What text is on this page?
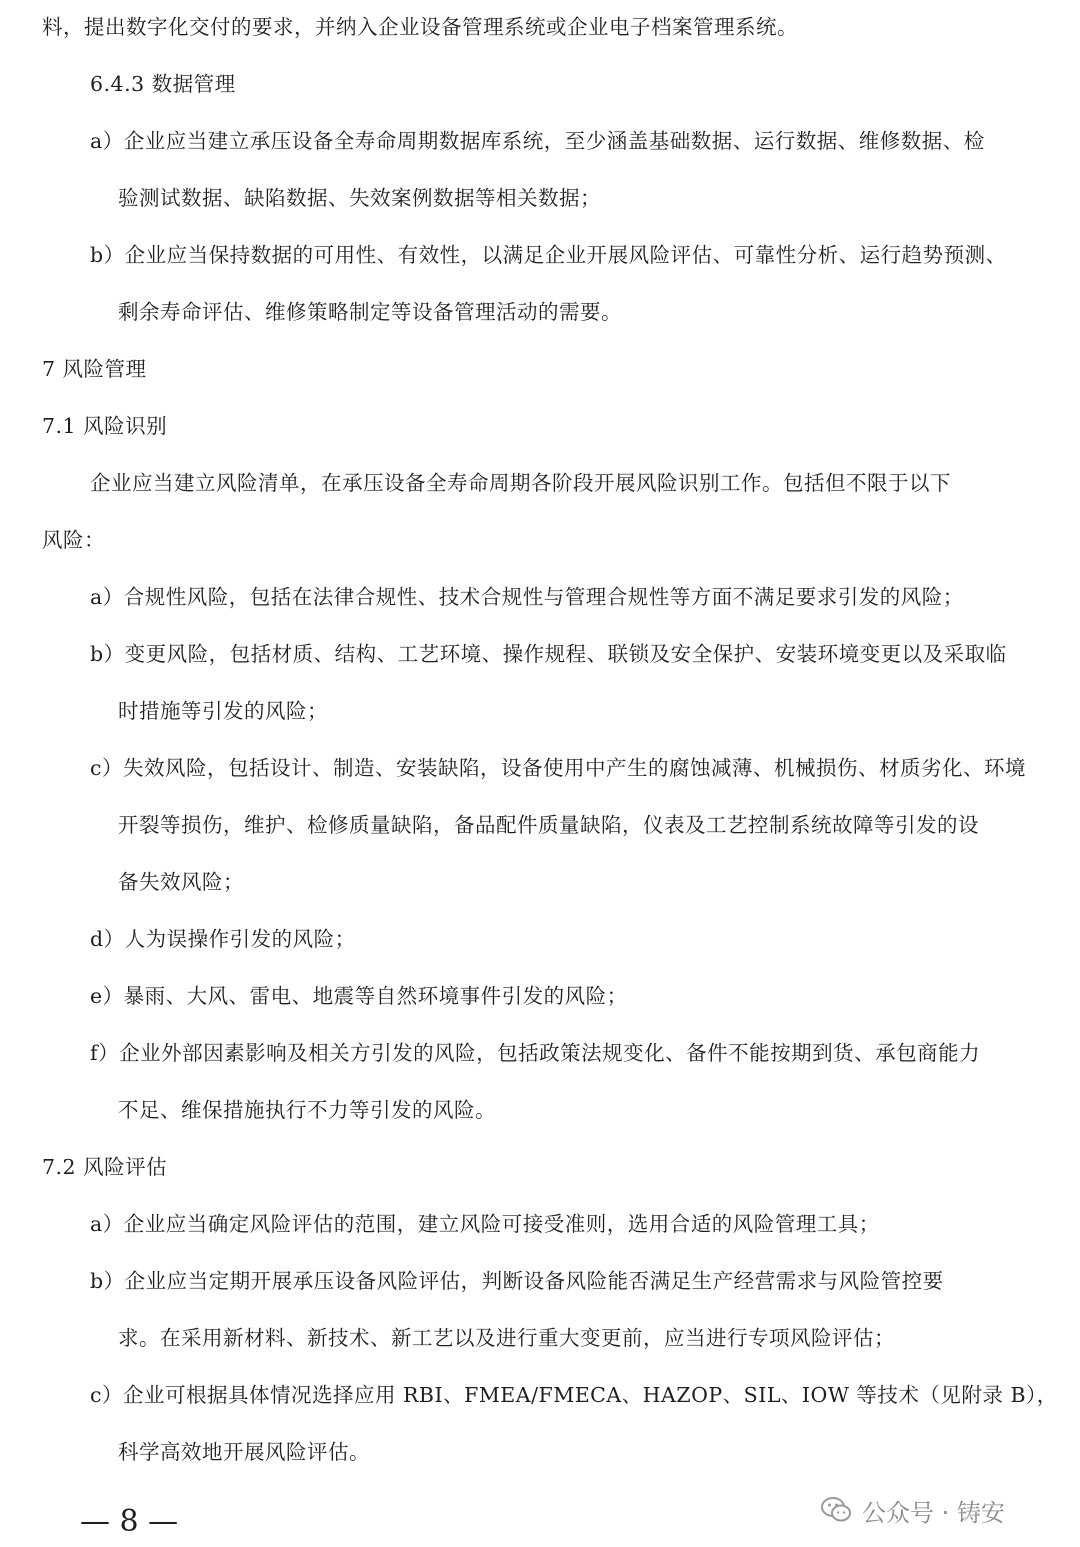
料，提出数字化交付的要求，并纳入企业设备管理系统或企业电子档案管理系统。
6.4.3 数据管理
a）企业应当建立承压设备全寿命周期数据库系统，至少涵盖基础数据、运行数据、维修数据、检
验测试数据、缺陷数据、失效案例数据等相关数据；
b）企业应当保持数据的可用性、有效性，以满足企业开展风险评估、可靠性分析、运行趋势预测、
剩余寿命评估、维修策略制定等设备管理活动的需要。
7 风险管理
7.1 风险识别
企业应当建立风险清单，在承压设备全寿命周期各阶段开展风险识别工作。包括但不限于以下
风险：
a）合规性风险，包括在法律合规性、技术合规性与管理合规性等方面不满足要求引发的风险；
b）变更风险，包括材质、结构、工艺环境、操作规程、联锁及安全保护、安装环境变更以及采取临
时措施等引发的风险；
c）失效风险，包括设计、制造、安装缺陷，设备使用中产生的腐蚀减薄、机械损伤、材质劣化、环境
开裂等损伤，维护、检修质量缺陷，备品配件质量缺陷，仪表及工艺控制系统故障等引发的设
备失效风险；
d）人为误操作引发的风险；
e）暴雨、大风、雷电、地震等自然环境事件引发的风险；
f）企业外部因素影响及相关方引发的风险，包括政策法规变化、备件不能按期到货、承包商能力
不足、维保措施执行不力等引发的风险。
7.2 风险评估
a）企业应当确定风险评估的范围，建立风险可接受准则，选用合适的风险管理工具；
b）企业应当定期开展承压设备风险评估，判断设备风险能否满足生产经营需求与风险管控要
求。在采用新材料、新技术、新工艺以及进行重大变更前，应当进行专项风险评估；
c）企业可根据具体情况选择应用 RBI、FMEA/FMECA、HAZOP、SIL、IOW 等技术（见附录 B），
科学高效地开展风险评估。
— 8 —	公众号 · 铸安
